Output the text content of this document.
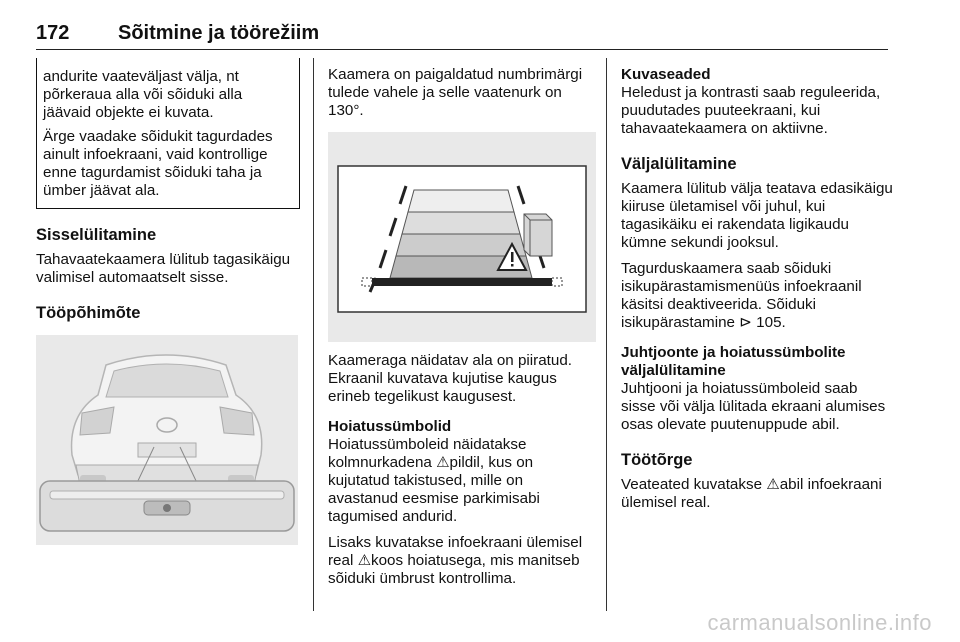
172 Sõitmine ja töörežiim

andurite vaateväljast välja, nt põrkeraua alla või sõiduki alla jäävaid objekte ei kuvata.

Ärge vaadake sõidukit tagurdades ainult infoekraani, vaid kontrollige enne tagurdamist sõiduki taha ja ümber jäävat ala.

Sisselülitamine

Tahavaatekaamera lülitub tagasikäigu valimisel automaatselt sisse.

Tööpõhimõte

Kaamera on paigaldatud numbrimärgi tulede vahele ja selle vaatenurk on 130°.

Kaameraga näidatav ala on piiratud. Ekraanil kuvatava kujutise kaugus erineb tegelikust kaugusest.

Hoiatussümbolid

Hoiatussümboleid näidatakse kolmnurkadena ⚠pildil, kus on kujutatud takistused, mille on avastanud eesmise parkimisabi tagumised andurid.

Lisaks kuvatakse infoekraani ülemisel real ⚠koos hoiatusega, mis manitseb sõiduki ümbrust kontrollima.

Kuvaseaded

Heledust ja kontrasti saab reguleerida, puudutades puuteekraani, kui tahavaatekaamera on aktiivne.

Väljalülitamine

Kaamera lülitub välja teatava edasikäigu kiiruse ületamisel või juhul, kui tagasikäiku ei rakendata ligikaudu kümne sekundi jooksul.

Tagurduskaamera saab sõiduki isikupärastamismenüüs infoekraanil käsitsi deaktiveerida. Sõiduki isikupärastamine ⊳ 105.

Juhtjoonte ja hoiatussümbolite väljalülitamine

Juhtjooni ja hoiatussümboleid saab sisse või välja lülitada ekraani alumises osas olevate puutenuppude abil.

Töötõrge

Veateated kuvatakse ⚠abil infoekraani ülemisel real.

carmanualsonline.info
